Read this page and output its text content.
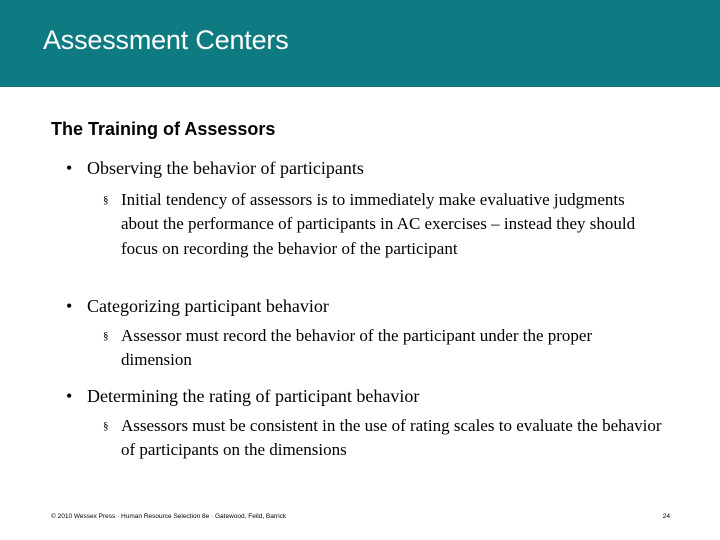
Assessment Centers
The Training of Assessors
• Observing the behavior of participants
§ Initial tendency of assessors is to immediately make evaluative judgments about the performance of participants in AC exercises – instead they should focus on recording the behavior of the participant
• Categorizing participant behavior
§ Assessor must record the behavior of the participant under the proper dimension
• Determining the rating of participant behavior
§ Assessors must be consistent in the use of rating scales to evaluate the behavior of participants on the dimensions
© 2010 Wessex Press · Human Resource Selection 8e · Gatewood, Feild, Barrick	24
